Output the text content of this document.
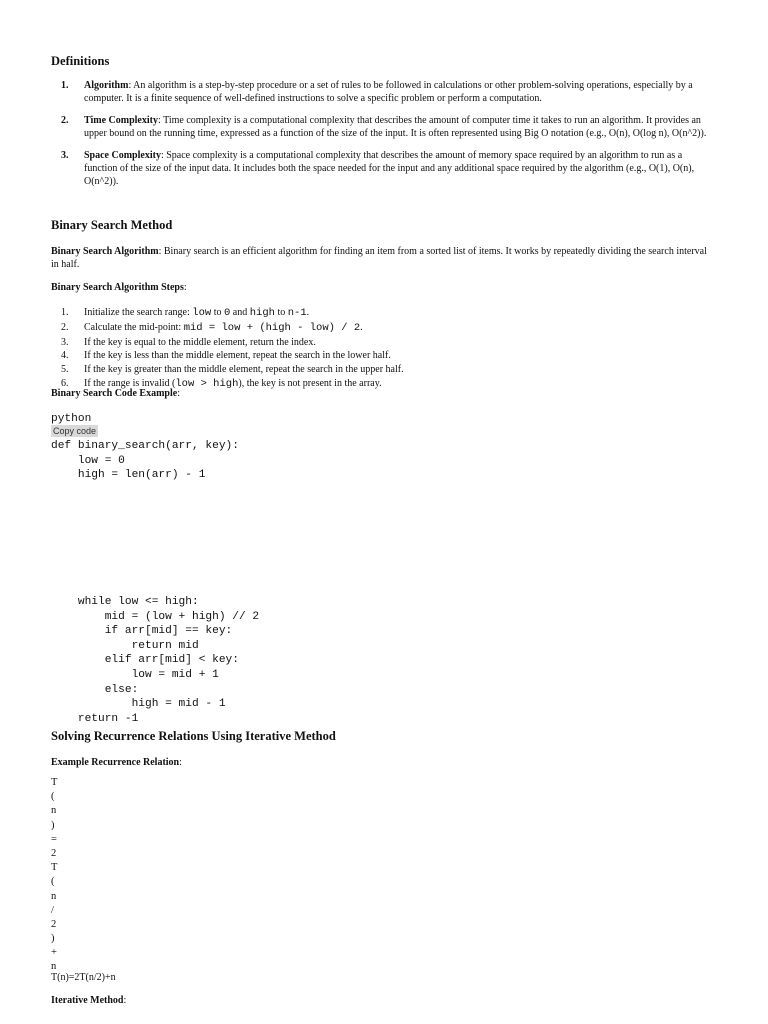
Definitions
1. Algorithm: An algorithm is a step-by-step procedure or a set of rules to be followed in calculations or other problem-solving operations, especially by a computer. It is a finite sequence of well-defined instructions to solve a specific problem or perform a computation.
2. Time Complexity: Time complexity is a computational complexity that describes the amount of computer time it takes to run an algorithm. It provides an upper bound on the running time, expressed as a function of the size of the input. It is often represented using Big O notation (e.g., O(n), O(log n), O(n^2)).
3. Space Complexity: Space complexity is a computational complexity that describes the amount of memory space required by an algorithm to run as a function of the size of the input data. It includes both the space needed for the input and any additional space required by the algorithm (e.g., O(1), O(n), O(n^2)).
Binary Search Method

Binary Search Algorithm: Binary search is an efficient algorithm for finding an item from a sorted list of items. It works by repeatedly dividing the search interval in half.

Binary Search Algorithm Steps:

1. Initialize the search range: low to 0 and high to n-1.
2. Calculate the mid-point: mid = low + (high - low) / 2.
3. If the key is equal to the middle element, return the index.
4. If the key is less than the middle element, repeat the search in the lower half.
5. If the key is greater than the middle element, repeat the search in the upper half.
6. If the range is invalid (low > high), the key is not present in the array.

Binary Search Code Example:

python
Copy code
def binary_search(arr, key):
low = 0
high = len(arr) - 1
while low <= high:
mid = (low + high) // 2
if arr[mid] == key:
return mid
elif arr[mid] < key:
low = mid + 1
else:
high = mid - 1
return -1
Solving Recurrence Relations Using Iterative Method

Example Recurrence Relation:

T
(
n
)
=
2
T
(
n
/
2
)
+
n

T(n)=2T(n/2)+n

Iterative Method:
